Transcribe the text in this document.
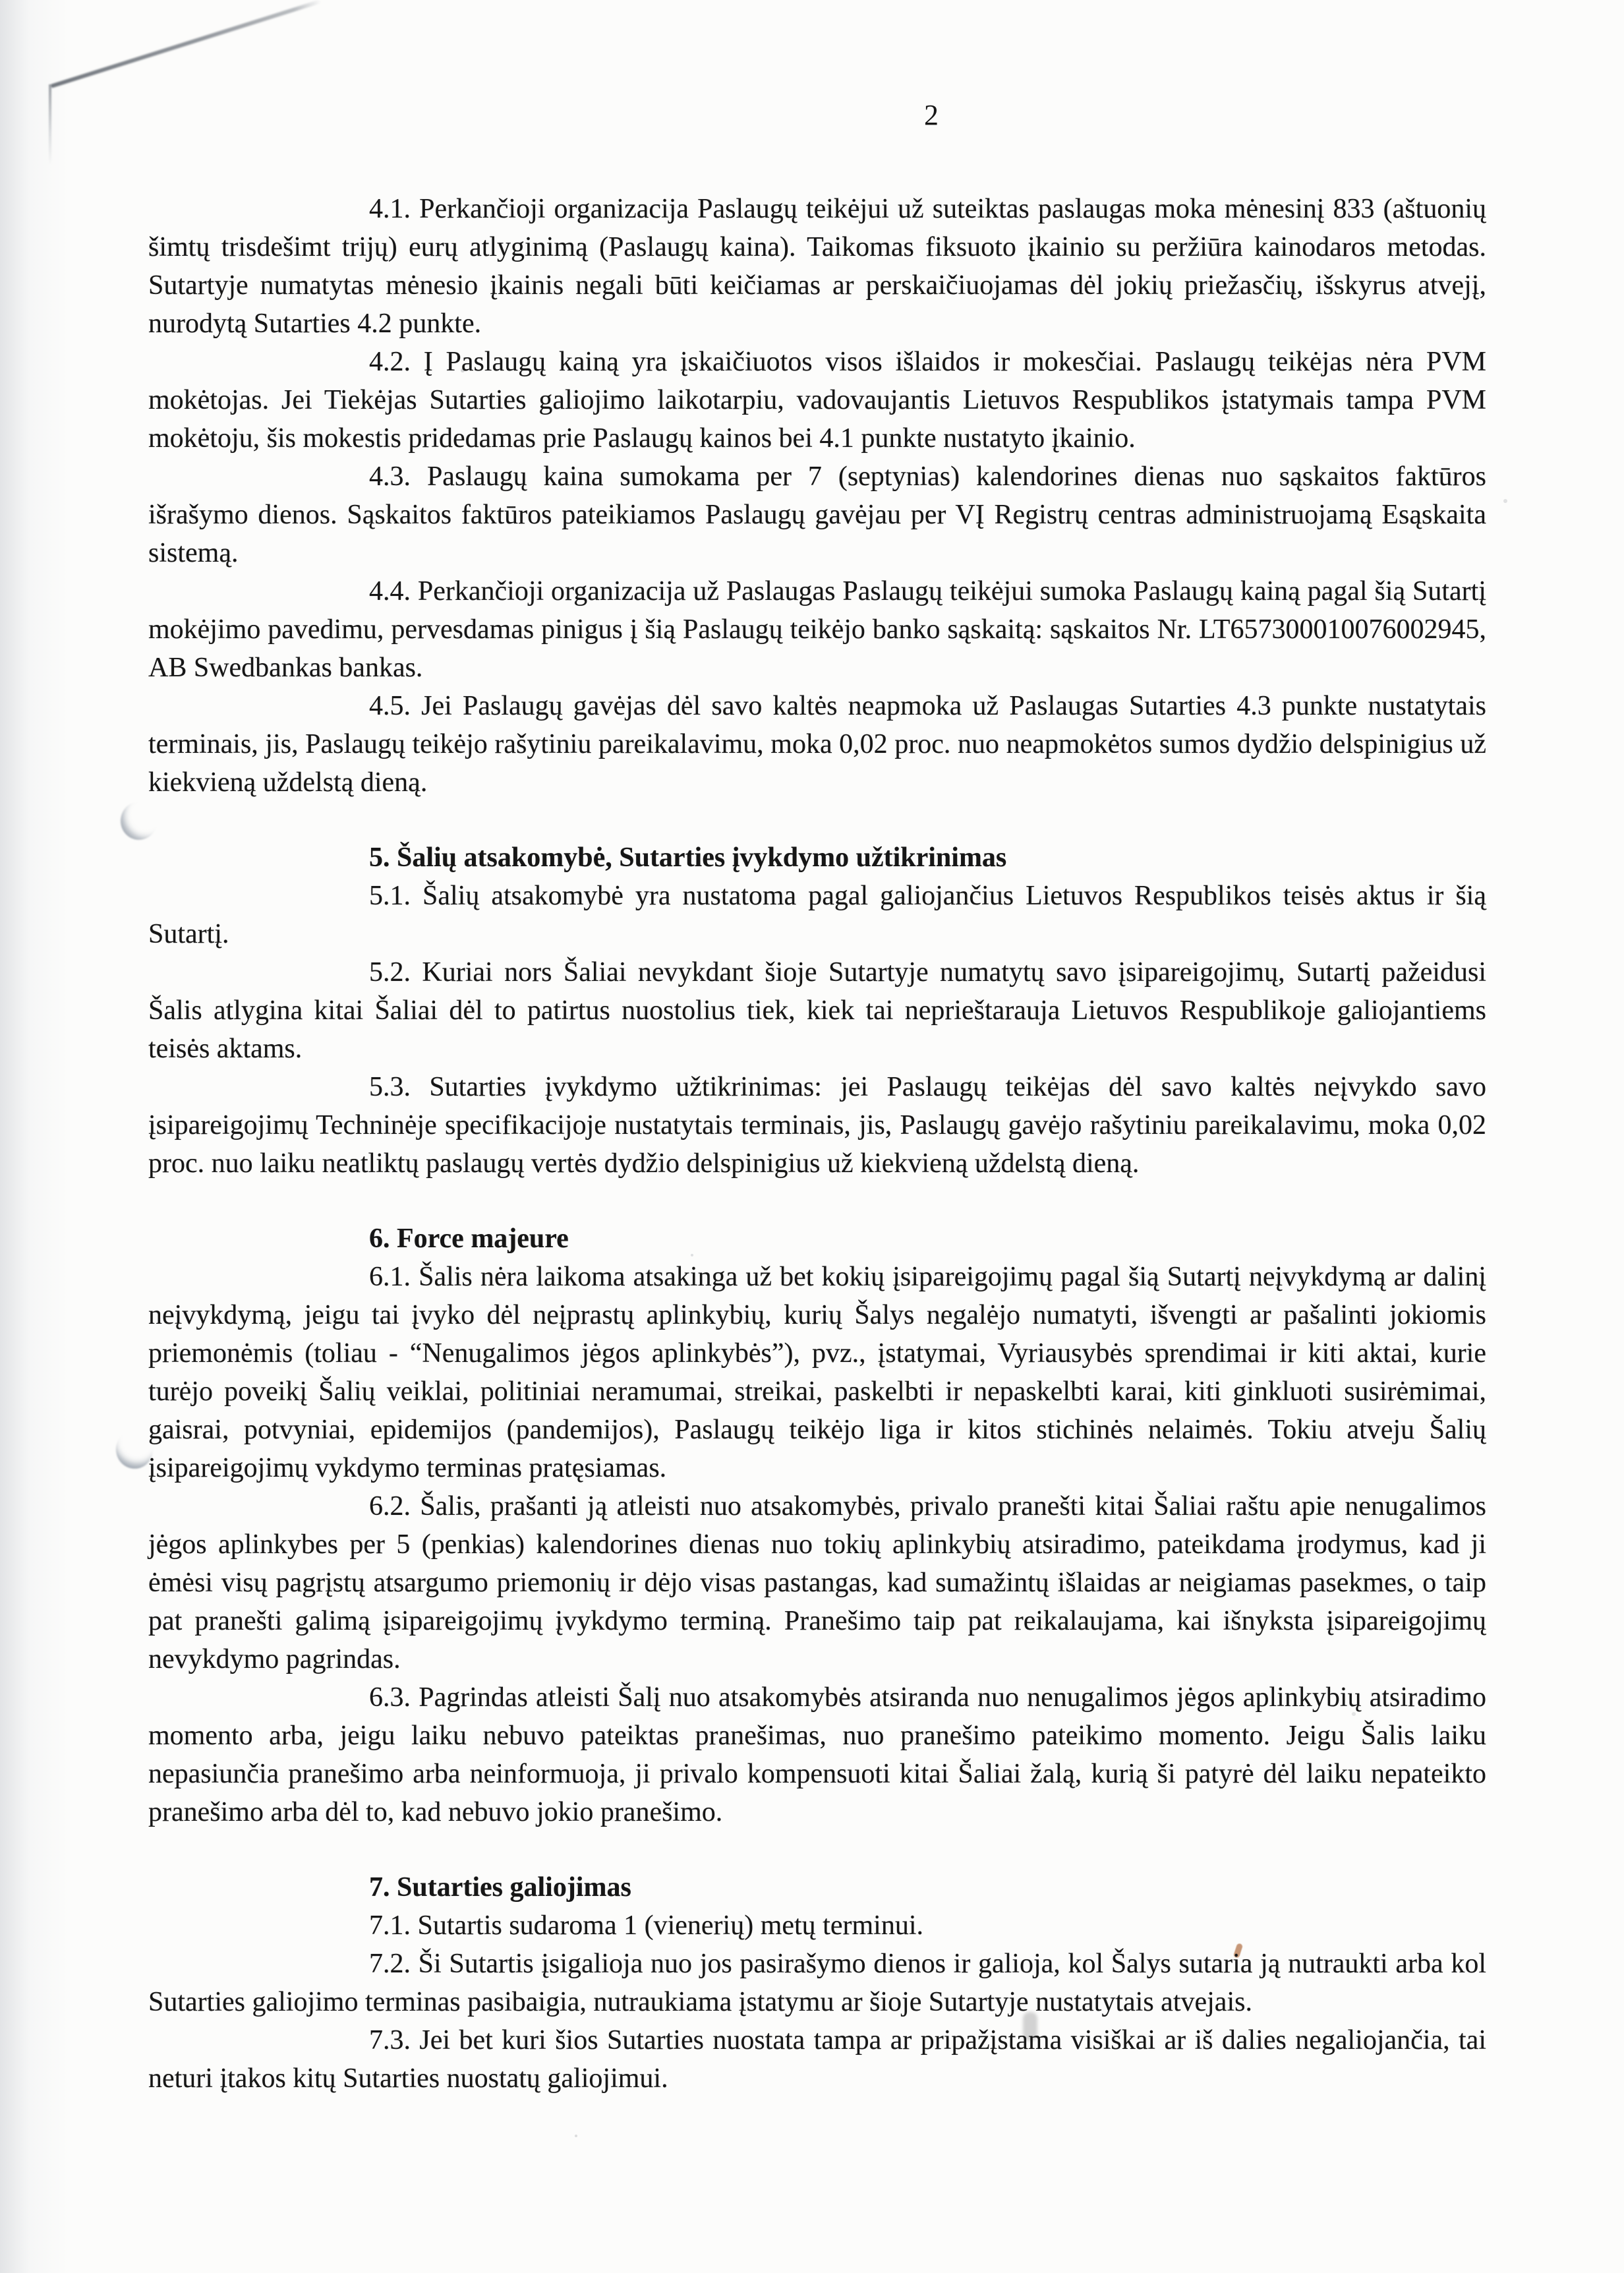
2

4.1. Perkančioji organizacija Paslaugų teikėjui už suteiktas paslaugas moka mėnesinį 833 (aštuonių šimtų trisdešimt trijų) eurų atlyginimą (Paslaugų kaina). Taikomas fiksuoto įkainio su peržiūra kainodaros metodas. Sutartyje numatytas mėnesio įkainis negali būti keičiamas ar perskaičiuojamas dėl jokių priežasčių, išskyrus atvejį, nurodytą Sutarties 4.2 punkte.

4.2. Į Paslaugų kainą yra įskaičiuotos visos išlaidos ir mokesčiai. Paslaugų teikėjas nėra PVM mokėtojas. Jei Tiekėjas Sutarties galiojimo laikotarpiu, vadovaujantis Lietuvos Respublikos įstatymais tampa PVM mokėtoju, šis mokestis pridedamas prie Paslaugų kainos bei 4.1 punkte nustatyto įkainio.

4.3. Paslaugų kaina sumokama per 7 (septynias) kalendorines dienas nuo sąskaitos faktūros išrašymo dienos. Sąskaitos faktūros pateikiamos Paslaugų gavėjau per VĮ Registrų centras administruojamą Esąskaita sistemą.

4.4. Perkančioji organizacija už Paslaugas Paslaugų teikėjui sumoka Paslaugų kainą pagal šią Sutartį mokėjimo pavedimu, pervesdamas pinigus į šią Paslaugų teikėjo banko sąskaitą: sąskaitos Nr. LT657300010076002945, AB Swedbankas bankas.

4.5. Jei Paslaugų gavėjas dėl savo kaltės neapmoka už Paslaugas Sutarties 4.3 punkte nustatytais terminais, jis, Paslaugų teikėjo rašytiniu pareikalavimu, moka 0,02 proc. nuo neapmokėtos sumos dydžio delspinigius už kiekvieną uždelstą dieną.

5. Šalių atsakomybė, Sutarties įvykdymo užtikrinimas

5.1. Šalių atsakomybė yra nustatoma pagal galiojančius Lietuvos Respublikos teisės aktus ir šią Sutartį.

5.2. Kuriai nors Šaliai nevykdant šioje Sutartyje numatytų savo įsipareigojimų, Sutartį pažeidusi Šalis atlygina kitai Šaliai dėl to patirtus nuostolius tiek, kiek tai neprieštarauja Lietuvos Respublikoje galiojantiems teisės aktams.

5.3. Sutarties įvykdymo užtikrinimas: jei Paslaugų teikėjas dėl savo kaltės neįvykdo savo įsipareigojimų Techninėje specifikacijoje nustatytais terminais, jis, Paslaugų gavėjo rašytiniu pareikalavimu, moka 0,02 proc. nuo laiku neatliktų paslaugų vertės dydžio delspinigius už kiekvieną uždelstą dieną.

6. Force majeure

6.1. Šalis nėra laikoma atsakinga už bet kokių įsipareigojimų pagal šią Sutartį neįvykdymą ar dalinį neįvykdymą, jeigu tai įvyko dėl neįprastų aplinkybių, kurių Šalys negalėjo numatyti, išvengti ar pašalinti jokiomis priemonėmis (toliau - “Nenugalimos jėgos aplinkybės”), pvz., įstatymai, Vyriausybės sprendimai ir kiti aktai, kurie turėjo poveikį Šalių veiklai, politiniai neramumai, streikai, paskelbti ir nepaskelbti karai, kiti ginkluoti susirėmimai, gaisrai, potvyniai, epidemijos (pandemijos), Paslaugų teikėjo liga ir kitos stichinės nelaimės. Tokiu atveju Šalių įsipareigojimų vykdymo terminas pratęsiamas.

6.2. Šalis, prašanti ją atleisti nuo atsakomybės, privalo pranešti kitai Šaliai raštu apie nenugalimos jėgos aplinkybes per 5 (penkias) kalendorines dienas nuo tokių aplinkybių atsiradimo, pateikdama įrodymus, kad ji ėmėsi visų pagrįstų atsargumo priemonių ir dėjo visas pastangas, kad sumažintų išlaidas ar neigiamas pasekmes, o taip pat pranešti galimą įsipareigojimų įvykdymo terminą. Pranešimo taip pat reikalaujama, kai išnyksta įsipareigojimų nevykdymo pagrindas.

6.3. Pagrindas atleisti Šalį nuo atsakomybės atsiranda nuo nenugalimos jėgos aplinkybių atsiradimo momento arba, jeigu laiku nebuvo pateiktas pranešimas, nuo pranešimo pateikimo momento. Jeigu Šalis laiku nepasiunčia pranešimo arba neinformuoja, ji privalo kompensuoti kitai Šaliai žalą, kurią ši patyrė dėl laiku nepateikto pranešimo arba dėl to, kad nebuvo jokio pranešimo.

7. Sutarties galiojimas

7.1. Sutartis sudaroma 1 (vienerių) metų terminui.

7.2. Ši Sutartis įsigalioja nuo jos pasirašymo dienos ir galioja, kol Šalys sutaria ją nutraukti arba kol Sutarties galiojimo terminas pasibaigia, nutraukiama įstatymu ar šioje Sutartyje nustatytais atvejais.

7.3. Jei bet kuri šios Sutarties nuostata tampa ar pripažįstama visiškai ar iš dalies negaliojančia, tai neturi įtakos kitų Sutarties nuostatų galiojimui.
